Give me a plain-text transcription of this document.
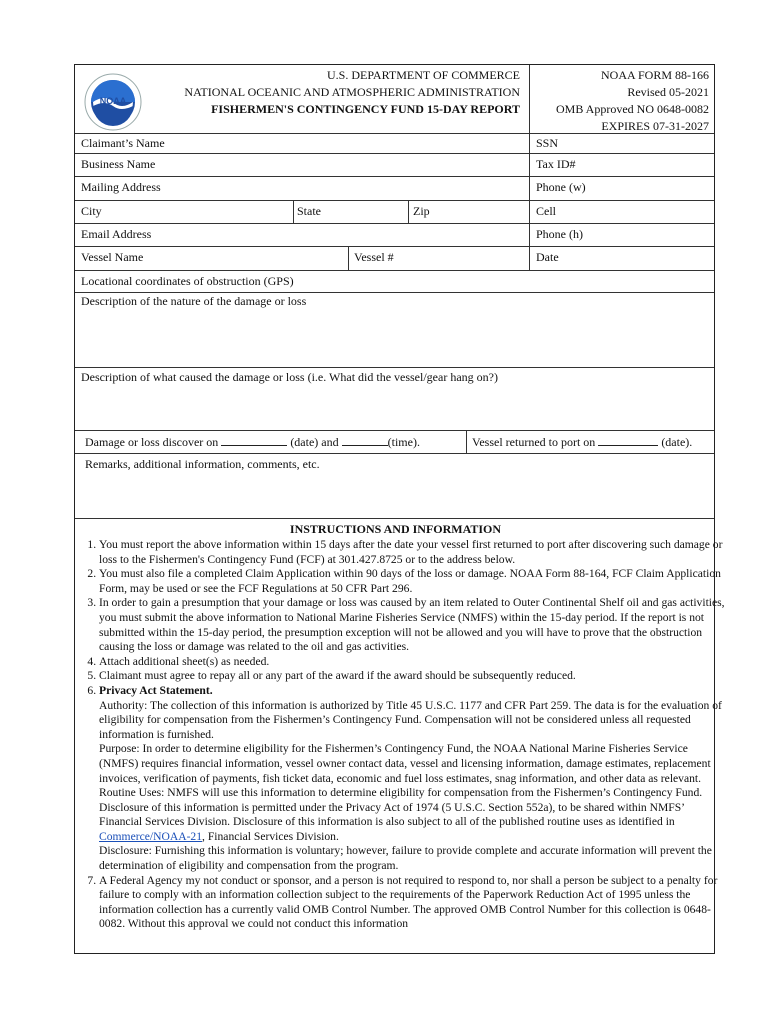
NOAA
U.S. DEPARTMENT OF COMMERCE
NATIONAL OCEANIC AND ATMOSPHERIC ADMINISTRATION
FISHERMEN'S CONTINGENCY FUND 15-DAY REPORT
NOAA FORM 88-166
Revised 05-2021
OMB Approved NO 0648-0082
EXPIRES 07-31-2027
Claimant’s Name	SSN
Business Name	Tax ID#
Mailing Address	Phone (w)
City	State	Zip	Cell
Email Address	Phone (h)
Vessel Name	Vessel #	Date
Locational coordinates of obstruction (GPS)
Description of the nature of the damage or loss
Description of what caused the damage or loss (i.e. What did the vessel/gear hang on?)
Damage or loss discover on	(date) and	(time).	Vessel returned to port on	(date).
Remarks, additional information, comments, etc.
INSTRUCTIONS AND INFORMATION
1. You must report the above information within 15 days after the date your vessel first returned to port after discovering such damage or loss to the Fishermen's Contingency Fund (FCF) at 301.427.8725 or to the address below.
2. You must also file a completed Claim Application within 90 days of the loss or damage. NOAA Form 88-164, FCF Claim Application Form, may be used or see the FCF Regulations at 50 CFR Part 296.
3. In order to gain a presumption that your damage or loss was caused by an item related to Outer Continental Shelf oil and gas activities, you must submit the above information to National Marine Fisheries Service (NMFS) within the 15-day period. If the report is not submitted within the 15-day period, the presumption exception will not be allowed and you will have to prove that the obstruction causing the loss or damage was related to the oil and gas activities.
4. Attach additional sheet(s) as needed.
5. Claimant must agree to repay all or any part of the award if the award should be subsequently reduced.
6. Privacy Act Statement.
Authority: The collection of this information is authorized by Title 45 U.S.C. 1177 and CFR Part 259. The data is for the evaluation of eligibility for compensation from the Fishermen’s Contingency Fund. Compensation will not be considered unless all requested information is furnished.
Purpose: In order to determine eligibility for the Fishermen’s Contingency Fund, the NOAA National Marine Fisheries Service (NMFS) requires financial information, vessel owner contact data, vessel and licensing information, damage estimates, replacement invoices, verification of payments, fish ticket data, economic and fuel loss estimates, snag information, and other data as relevant.
Routine Uses: NMFS will use this information to determine eligibility for compensation from the Fishermen’s Contingency Fund. Disclosure of this information is permitted under the Privacy Act of 1974 (5 U.S.C. Section 552a), to be shared within NMFS’ Financial Services Division. Disclosure of this information is also subject to all of the published routine uses as identified in Commerce/NOAA-21, Financial Services Division.
Disclosure: Furnishing this information is voluntary; however, failure to provide complete and accurate information will prevent the determination of eligibility and compensation from the program.
7. A Federal Agency my not conduct or sponsor, and a person is not required to respond to, nor shall a person be subject to a penalty for failure to comply with an information collection subject to the requirements of the Paperwork Reduction Act of 1995 unless the information collection has a currently valid OMB Control Number. The approved OMB Control Number for this collection is 0648-0082. Without this approval we could not conduct this information
